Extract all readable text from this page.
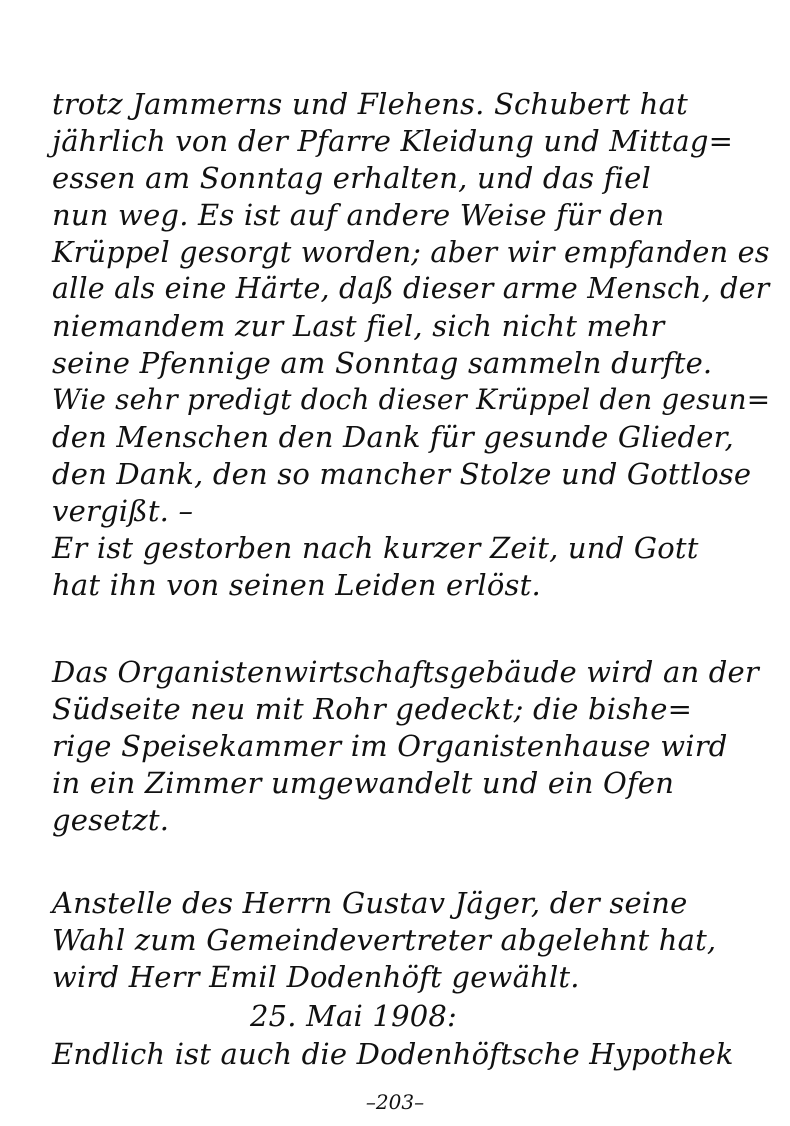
trotz Jammerns und Flehens. Schubert hat
jährlich von der Pfarre Kleidung und Mittag=
essen am Sonntag erhalten, und das fiel
nun weg. Es ist auf andere Weise für den
Krüppel gesorgt worden; aber wir empfanden es
alle als eine Härte, daß dieser arme Mensch, der
niemandem zur Last fiel, sich nicht mehr
seine Pfennige am Sonntag sammeln durfte.
Wie sehr predigt doch dieser Krüppel den gesun=
den Menschen den Dank für gesunde Glieder,
den Dank, den so mancher Stolze und Gottlose
vergißt. –
Er ist gestorben nach kurzer Zeit, und Gott
hat ihn von seinen Leiden erlöst.
Das Organistenwirtschaftsgebäude wird an der
Südseite neu mit Rohr gedeckt; die bishe=
rige Speisekammer im Organistenhause wird
in ein Zimmer umgewandelt und ein Ofen
gesetzt.
Anstelle des Herrn Gustav Jäger, der seine
Wahl zum Gemeindevertreter abgelehnt hat,
wird Herr Emil Dodenhöft gewählt.
25. Mai 1908:
Endlich ist auch die Dodenhöftsche Hypothek
–203–
